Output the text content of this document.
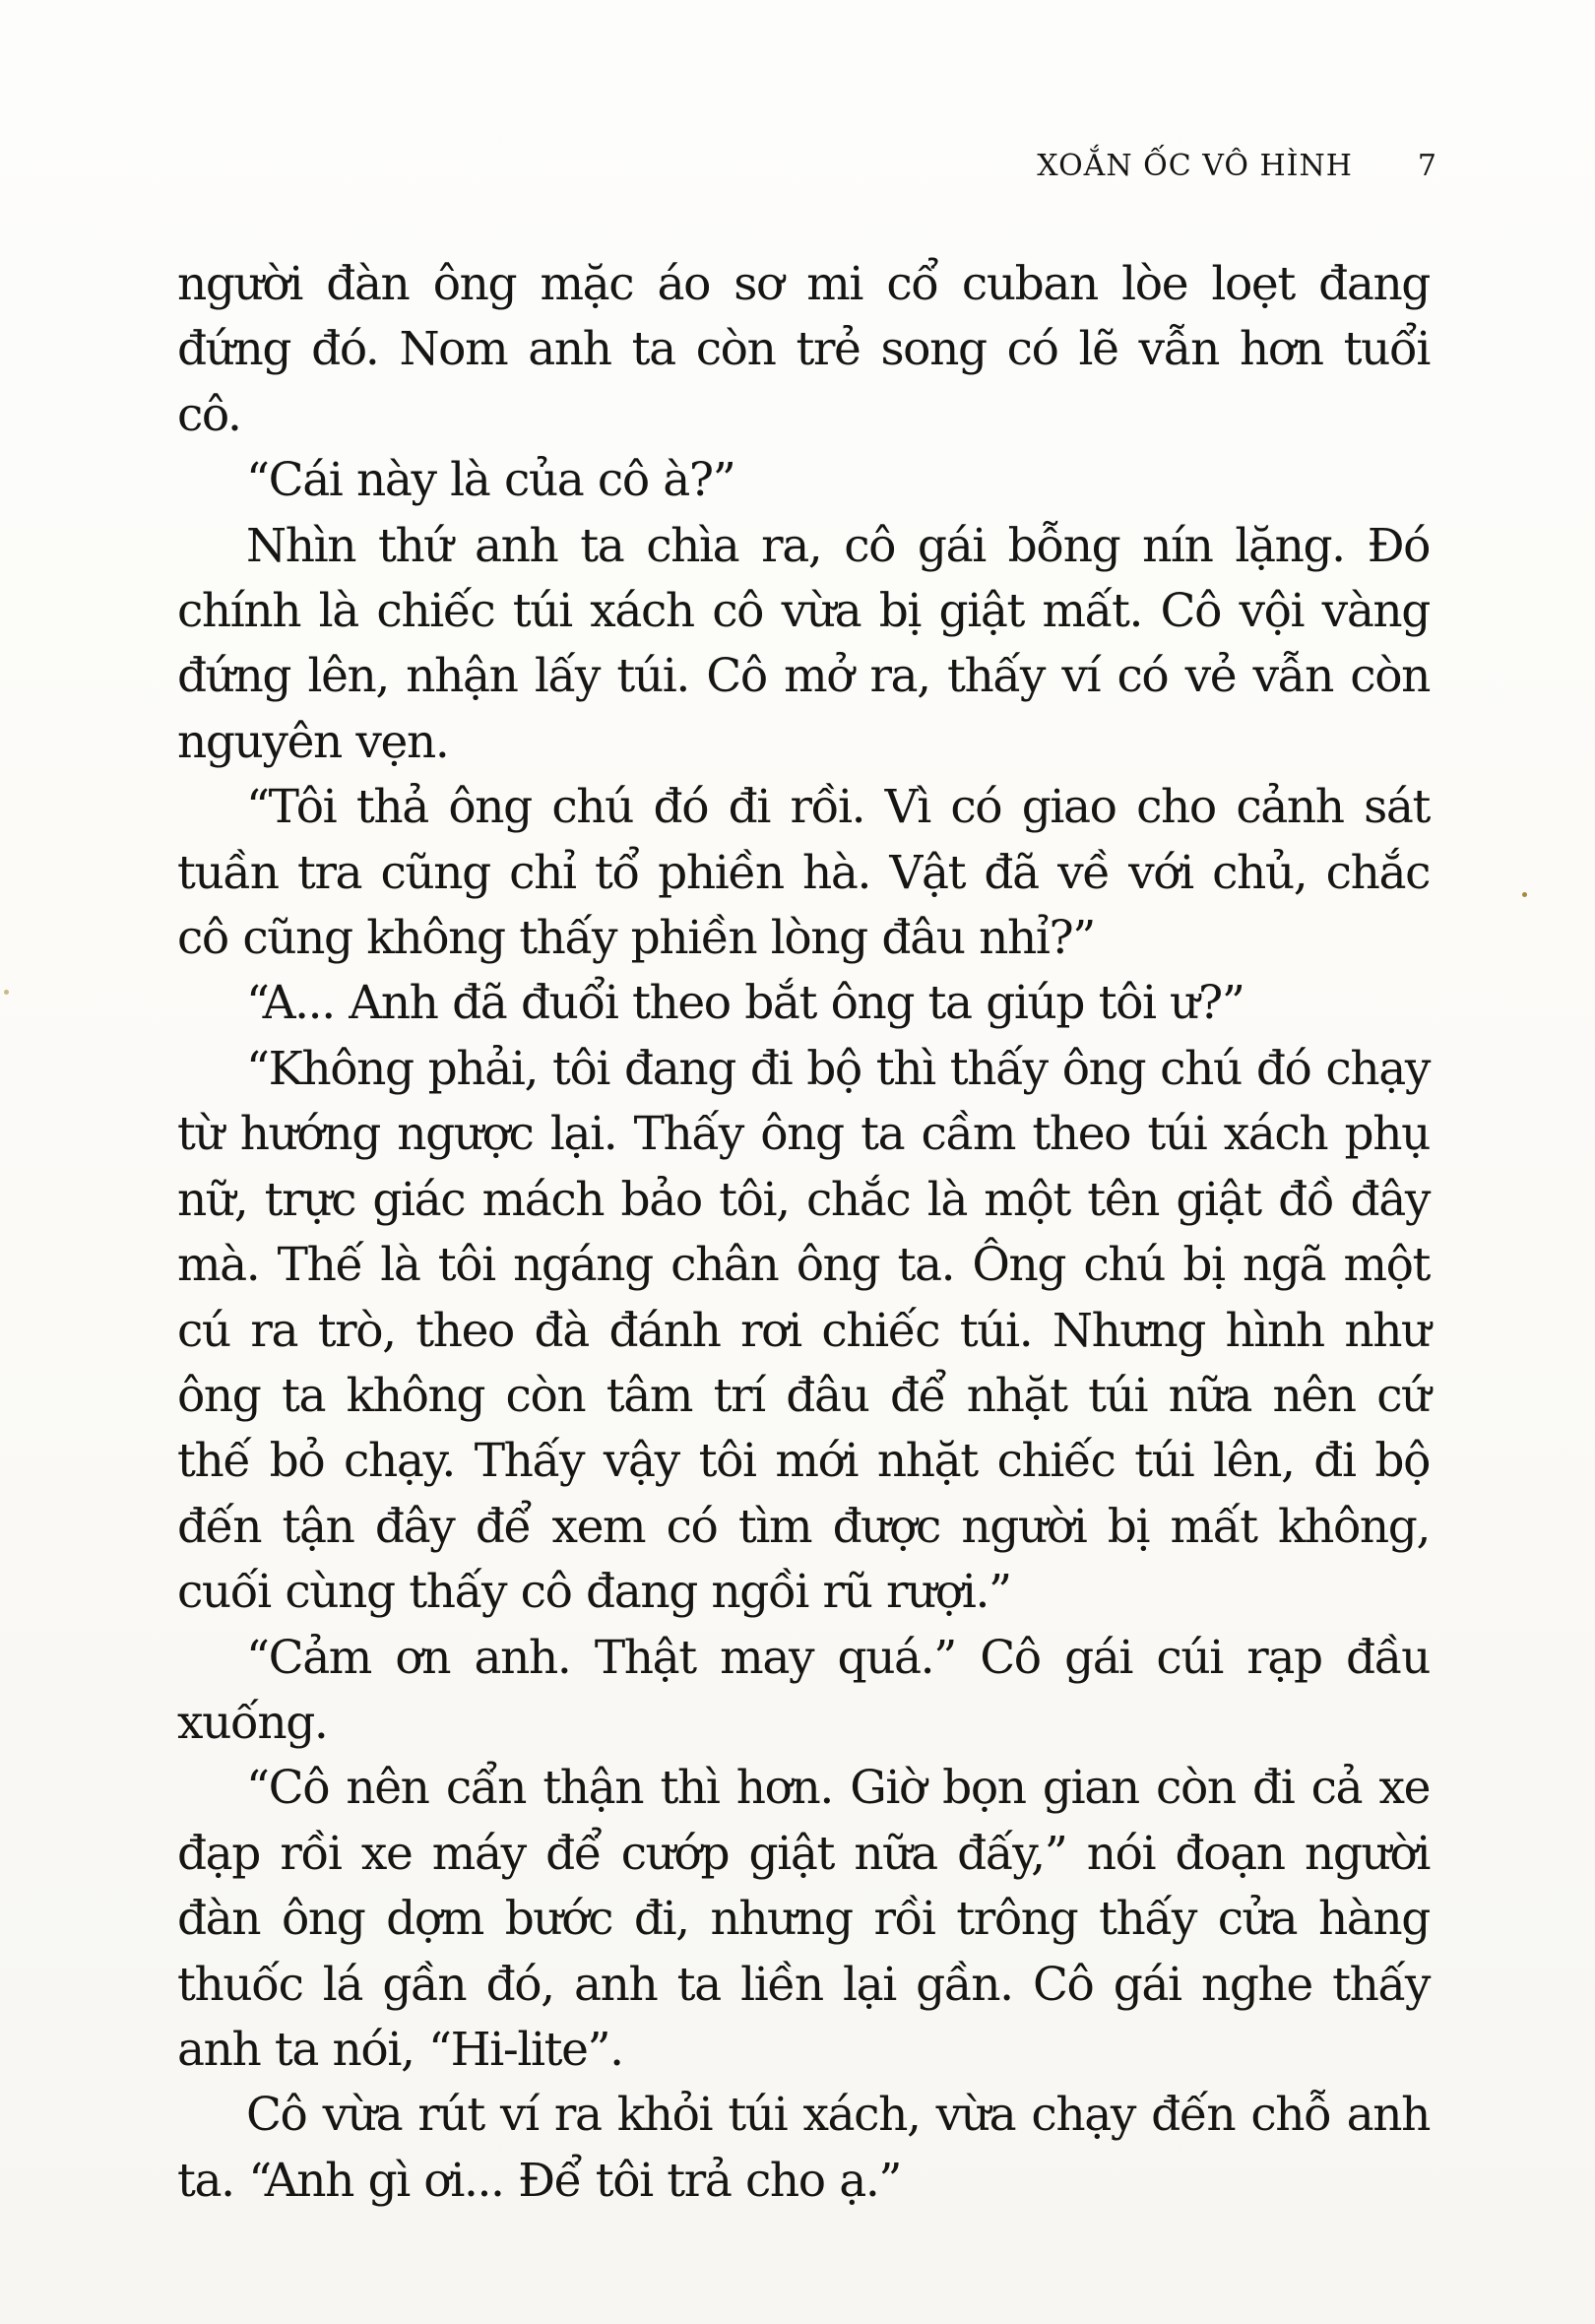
XOẮN ỐC VÔ HÌNH 7

người đàn ông mặc áo sơ mi cổ cuban lòe loẹt đang đứng đó. Nom anh ta còn trẻ song có lẽ vẫn hơn tuổi cô.

“Cái này là của cô à?”

Nhìn thứ anh ta chìa ra, cô gái bỗng nín lặng. Đó chính là chiếc túi xách cô vừa bị giật mất. Cô vội vàng đứng lên, nhận lấy túi. Cô mở ra, thấy ví có vẻ vẫn còn nguyên vẹn.

“Tôi thả ông chú đó đi rồi. Vì có giao cho cảnh sát tuần tra cũng chỉ tổ phiền hà. Vật đã về với chủ, chắc cô cũng không thấy phiền lòng đâu nhỉ?”

“A... Anh đã đuổi theo bắt ông ta giúp tôi ư?”

“Không phải, tôi đang đi bộ thì thấy ông chú đó chạy từ hướng ngược lại. Thấy ông ta cầm theo túi xách phụ nữ, trực giác mách bảo tôi, chắc là một tên giật đồ đây mà. Thế là tôi ngáng chân ông ta. Ông chú bị ngã một cú ra trò, theo đà đánh rơi chiếc túi. Nhưng hình như ông ta không còn tâm trí đâu để nhặt túi nữa nên cứ thế bỏ chạy. Thấy vậy tôi mới nhặt chiếc túi lên, đi bộ đến tận đây để xem có tìm được người bị mất không, cuối cùng thấy cô đang ngồi rũ rượi.”

“Cảm ơn anh. Thật may quá.” Cô gái cúi rạp đầu xuống.

“Cô nên cẩn thận thì hơn. Giờ bọn gian còn đi cả xe đạp rồi xe máy để cướp giật nữa đấy,” nói đoạn người đàn ông dợm bước đi, nhưng rồi trông thấy cửa hàng thuốc lá gần đó, anh ta liền lại gần. Cô gái nghe thấy anh ta nói, “Hi-lite”.

Cô vừa rút ví ra khỏi túi xách, vừa chạy đến chỗ anh ta. “Anh gì ơi... Để tôi trả cho ạ.”
